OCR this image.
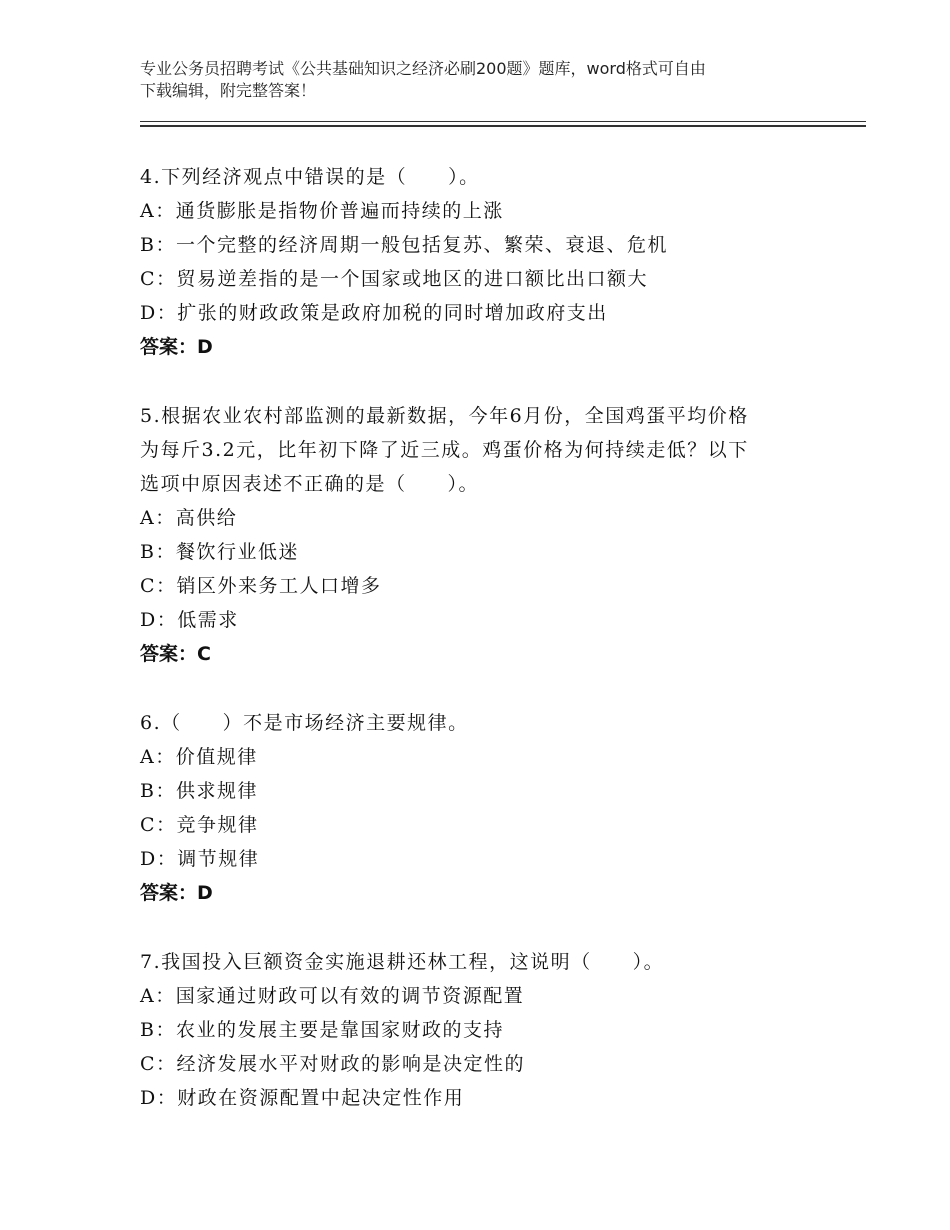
专业公务员招聘考试《公共基础知识之经济必刷200题》题库，word格式可自由
下载编辑，附完整答案！
4.下列经济观点中错误的是（　　）。
A：通货膨胀是指物价普遍而持续的上涨
B：一个完整的经济周期一般包括复苏、繁荣、衰退、危机
C：贸易逆差指的是一个国家或地区的进口额比出口额大
D：扩张的财政政策是政府加税的同时增加政府支出
答案：D
5.根据农业农村部监测的最新数据，今年6月份，全国鸡蛋平均价格
为每斤3.2元，比年初下降了近三成。鸡蛋价格为何持续走低？以下
选项中原因表述不正确的是（　　）。
A：高供给
B：餐饮行业低迷
C：销区外来务工人口增多
D：低需求
答案：C
6.（　　）不是市场经济主要规律。
A：价值规律
B：供求规律
C：竞争规律
D：调节规律
答案：D
7.我国投入巨额资金实施退耕还林工程，这说明（　　）。
A：国家通过财政可以有效的调节资源配置
B：农业的发展主要是靠国家财政的支持
C：经济发展水平对财政的影响是决定性的
D：财政在资源配置中起决定性作用
